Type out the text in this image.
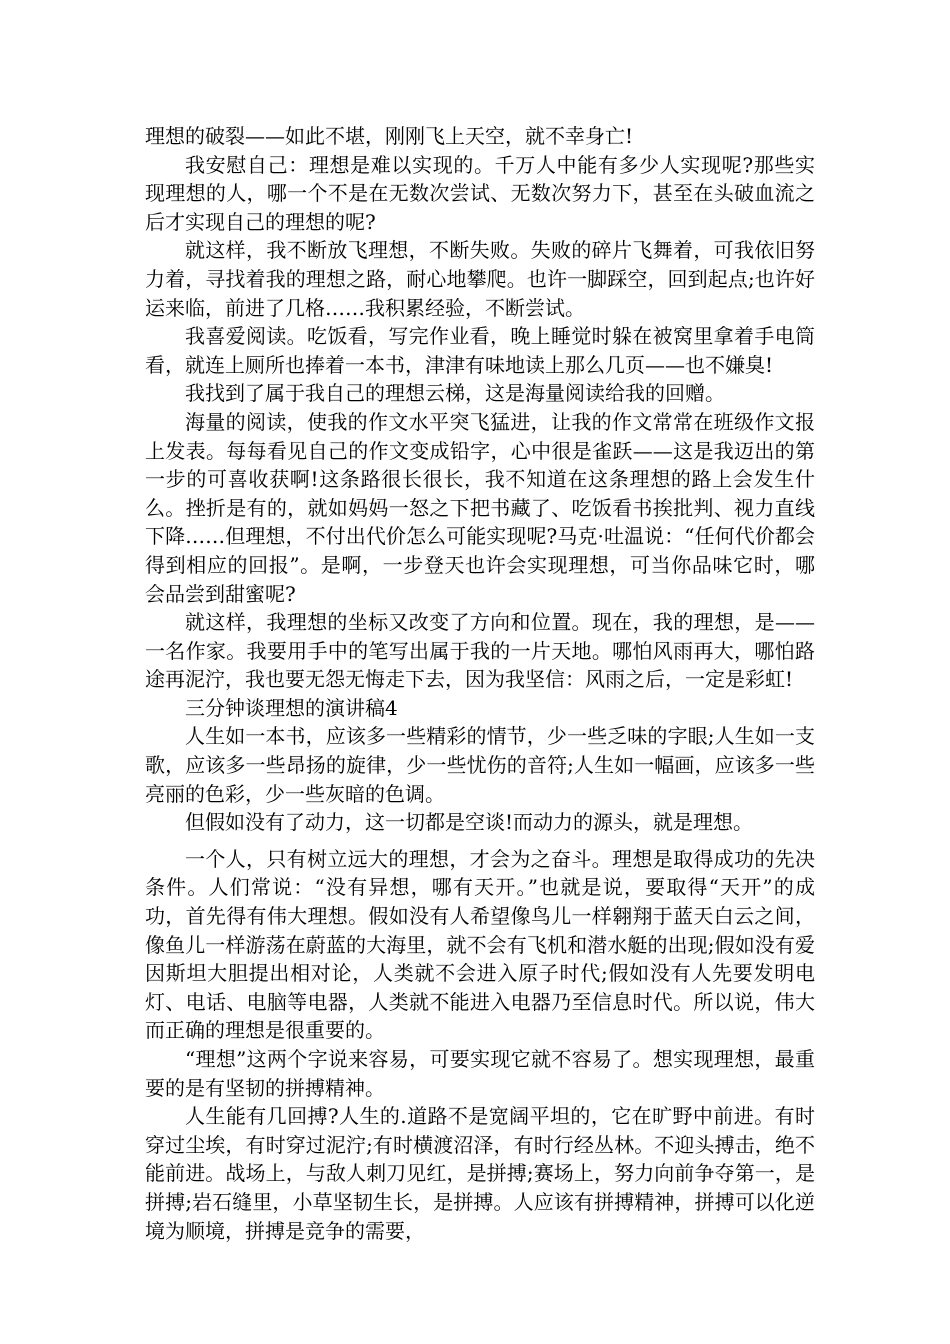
理想的破裂——如此不堪，刚刚飞上天空，就不幸身亡!

我安慰自己：理想是难以实现的。千万人中能有多少人实现呢?那些实现理想的人，哪一个不是在无数次尝试、无数次努力下，甚至在头破血流之后才实现自己的理想的呢?

就这样，我不断放飞理想，不断失败。失败的碎片飞舞着，可我依旧努力着，寻找着我的理想之路，耐心地攀爬。也许一脚踩空，回到起点;也许好运来临，前进了几格……我积累经验，不断尝试。

我喜爱阅读。吃饭看，写完作业看，晚上睡觉时躲在被窝里拿着手电筒看，就连上厕所也捧着一本书，津津有味地读上那么几页——也不嫌臭!

我找到了属于我自己的理想云梯，这是海量阅读给我的回赠。

海量的阅读，使我的作文水平突飞猛进，让我的作文常常在班级作文报上发表。每每看见自己的作文变成铅字，心中很是雀跃——这是我迈出的第一步的可喜收获啊!这条路很长很长，我不知道在这条理想的路上会发生什么。挫折是有的，就如妈妈一怒之下把书藏了、吃饭看书挨批判、视力直线下降……但理想，不付出代价怎么可能实现呢?马克·吐温说：“任何代价都会得到相应的回报”。是啊，一步登天也许会实现理想，可当你品味它时，哪会品尝到甜蜜呢?

就这样，我理想的坐标又改变了方向和位置。现在，我的理想，是——一名作家。我要用手中的笔写出属于我的一片天地。哪怕风雨再大，哪怕路途再泥泞，我也要无怨无悔走下去，因为我坚信：风雨之后，一定是彩虹!

三分钟谈理想的演讲稿4

人生如一本书，应该多一些精彩的情节，少一些乏味的字眼;人生如一支歌，应该多一些昂扬的旋律，少一些忧伤的音符;人生如一幅画，应该多一些亮丽的色彩，少一些灰暗的色调。

但假如没有了动力，这一切都是空谈!而动力的源头，就是理想。

一个人，只有树立远大的理想，才会为之奋斗。理想是取得成功的先决条件。人们常说：“没有异想，哪有天开。”也就是说，要取得“天开”的成功，首先得有伟大理想。假如没有人希望像鸟儿一样翱翔于蓝天白云之间，像鱼儿一样游荡在蔚蓝的大海里，就不会有飞机和潜水艇的出现;假如没有爱因斯坦大胆提出相对论，人类就不会进入原子时代;假如没有人先要发明电灯、电话、电脑等电器，人类就不能进入电器乃至信息时代。所以说，伟大而正确的理想是很重要的。

“理想”这两个字说来容易，可要实现它就不容易了。想实现理想，最重要的是有坚韧的拼搏精神。

人生能有几回搏?人生的.道路不是宽阔平坦的，它在旷野中前进。有时穿过尘埃，有时穿过泥泞;有时横渡沼泽，有时行经丛林。不迎头搏击，绝不能前进。战场上，与敌人刺刀见红，是拼搏;赛场上，努力向前争夺第一，是拼搏;岩石缝里，小草坚韧生长，是拼搏。人应该有拼搏精神，拼搏可以化逆境为顺境，拼搏是竞争的需要，
